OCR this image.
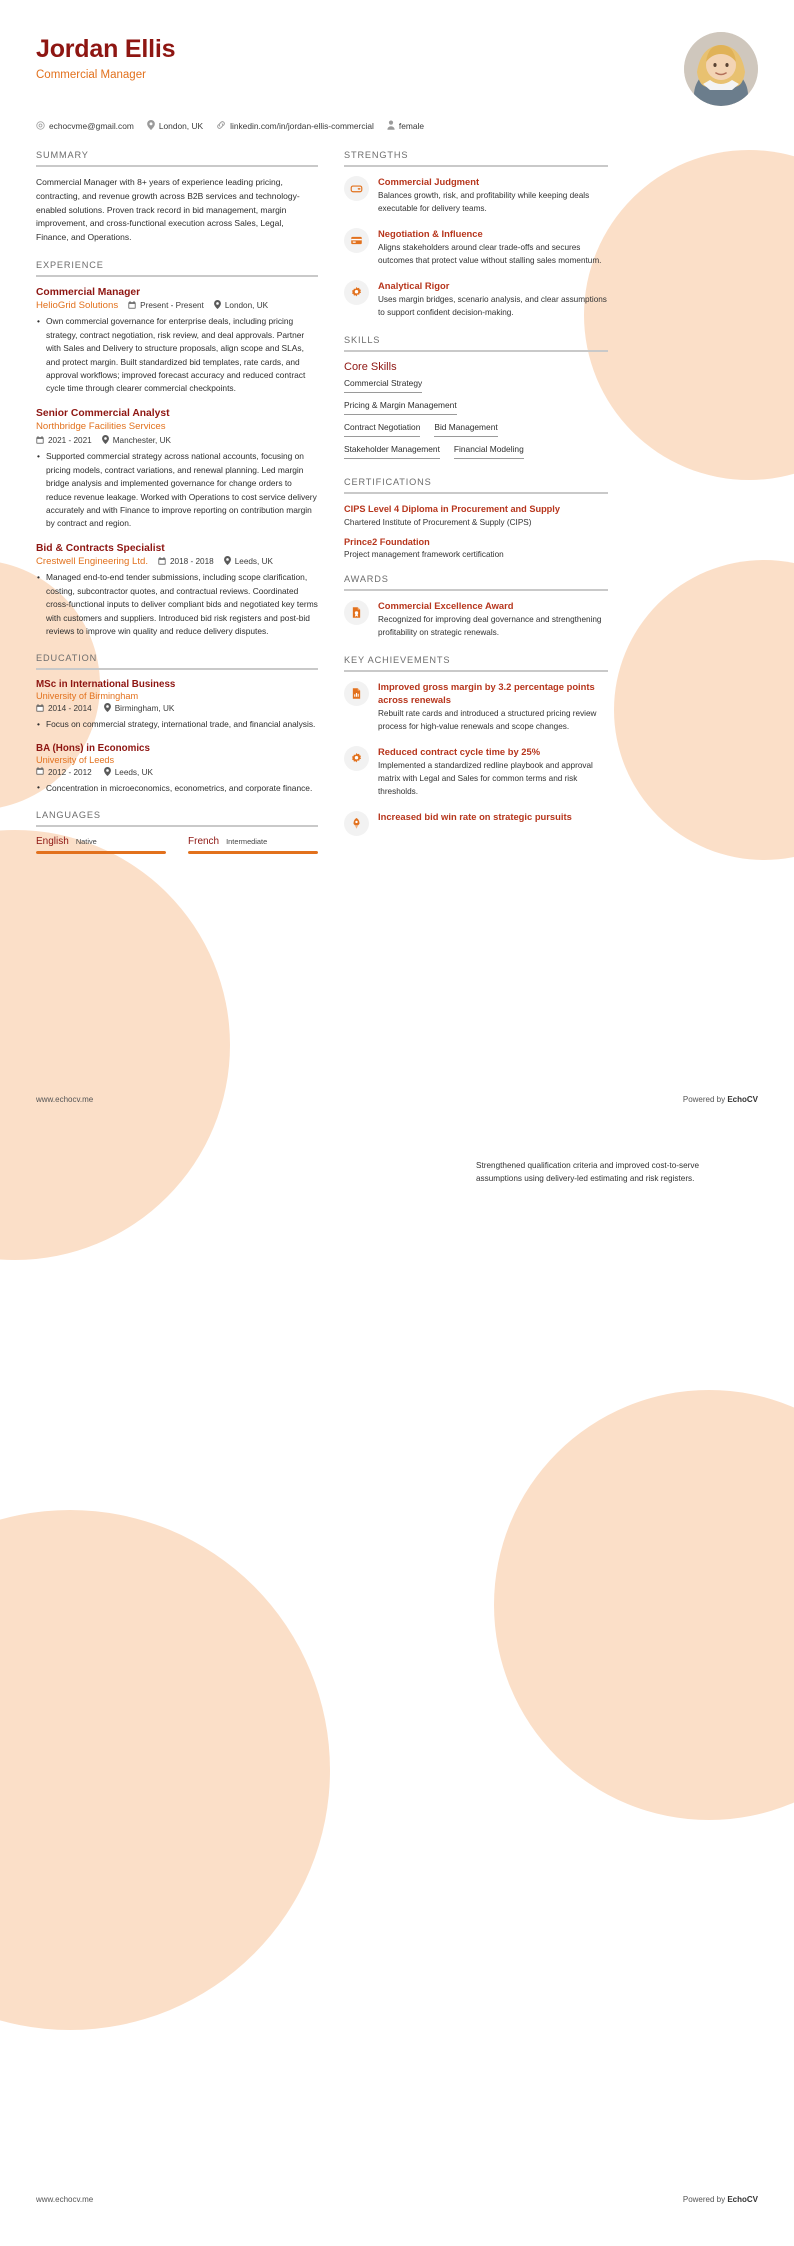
Jordan Ellis
Commercial Manager
echocvme@gmail.com	London, UK	linkedin.com/in/jordan-ellis-commercial	female
SUMMARY
Commercial Manager with 8+ years of experience leading pricing, contracting, and revenue growth across B2B services and technology-enabled solutions. Proven track record in bid management, margin improvement, and cross-functional execution across Sales, Legal, Finance, and Operations.
EXPERIENCE
Commercial Manager
HelioGrid Solutions	Present - Present	London, UK
• Own commercial governance for enterprise deals, including pricing strategy, contract negotiation, risk review, and deal approvals. Partner with Sales and Delivery to structure proposals, align scope and SLAs, and protect margin. Built standardized bid templates, rate cards, and approval workflows; improved forecast accuracy and reduced contract cycle time through clearer commercial checkpoints.
Senior Commercial Analyst
Northbridge Facilities Services
2021 - 2021	Manchester, UK
• Supported commercial strategy across national accounts, focusing on pricing models, contract variations, and renewal planning. Led margin bridge analysis and implemented governance for change orders to reduce revenue leakage. Worked with Operations to cost service delivery accurately and with Finance to improve reporting on contribution margin by contract and region.
Bid & Contracts Specialist
Crestwell Engineering Ltd.	2018 - 2018	Leeds, UK
• Managed end-to-end tender submissions, including scope clarification, costing, subcontractor quotes, and contractual reviews. Coordinated cross-functional inputs to deliver compliant bids and negotiated key terms with customers and suppliers. Introduced bid risk registers and post-bid reviews to improve win quality and reduce delivery disputes.
EDUCATION
MSc in International Business
University of Birmingham
2014 - 2014	Birmingham, UK
• Focus on commercial strategy, international trade, and financial analysis.
BA (Hons) in Economics
University of Leeds
2012 - 2012	Leeds, UK
• Concentration in microeconomics, econometrics, and corporate finance.
LANGUAGES
English Native	French Intermediate
STRENGTHS
Commercial Judgment
Balances growth, risk, and profitability while keeping deals executable for delivery teams.
Negotiation & Influence
Aligns stakeholders around clear trade-offs and secures outcomes that protect value without stalling sales momentum.
Analytical Rigor
Uses margin bridges, scenario analysis, and clear assumptions to support confident decision-making.
SKILLS
Core Skills
Commercial Strategy
Pricing & Margin Management
Contract Negotiation Bid Management
Stakeholder Management Financial Modeling
CERTIFICATIONS
CIPS Level 4 Diploma in Procurement and Supply
Chartered Institute of Procurement & Supply (CIPS)
Prince2 Foundation
Project management framework certification
AWARDS
Commercial Excellence Award
Recognized for improving deal governance and strengthening profitability on strategic renewals.
KEY ACHIEVEMENTS
Improved gross margin by 3.2 percentage points across renewals
Rebuilt rate cards and introduced a structured pricing review process for high-value renewals and scope changes.
Reduced contract cycle time by 25%
Implemented a standardized redline playbook and approval matrix with Legal and Sales for common terms and risk thresholds.
Increased bid win rate on strategic pursuits
Strengthened qualification criteria and improved cost-to-serve assumptions using delivery-led estimating and risk registers.
www.echocv.me	Powered by EchoCV
www.echocv.me	Powered by EchoCV
